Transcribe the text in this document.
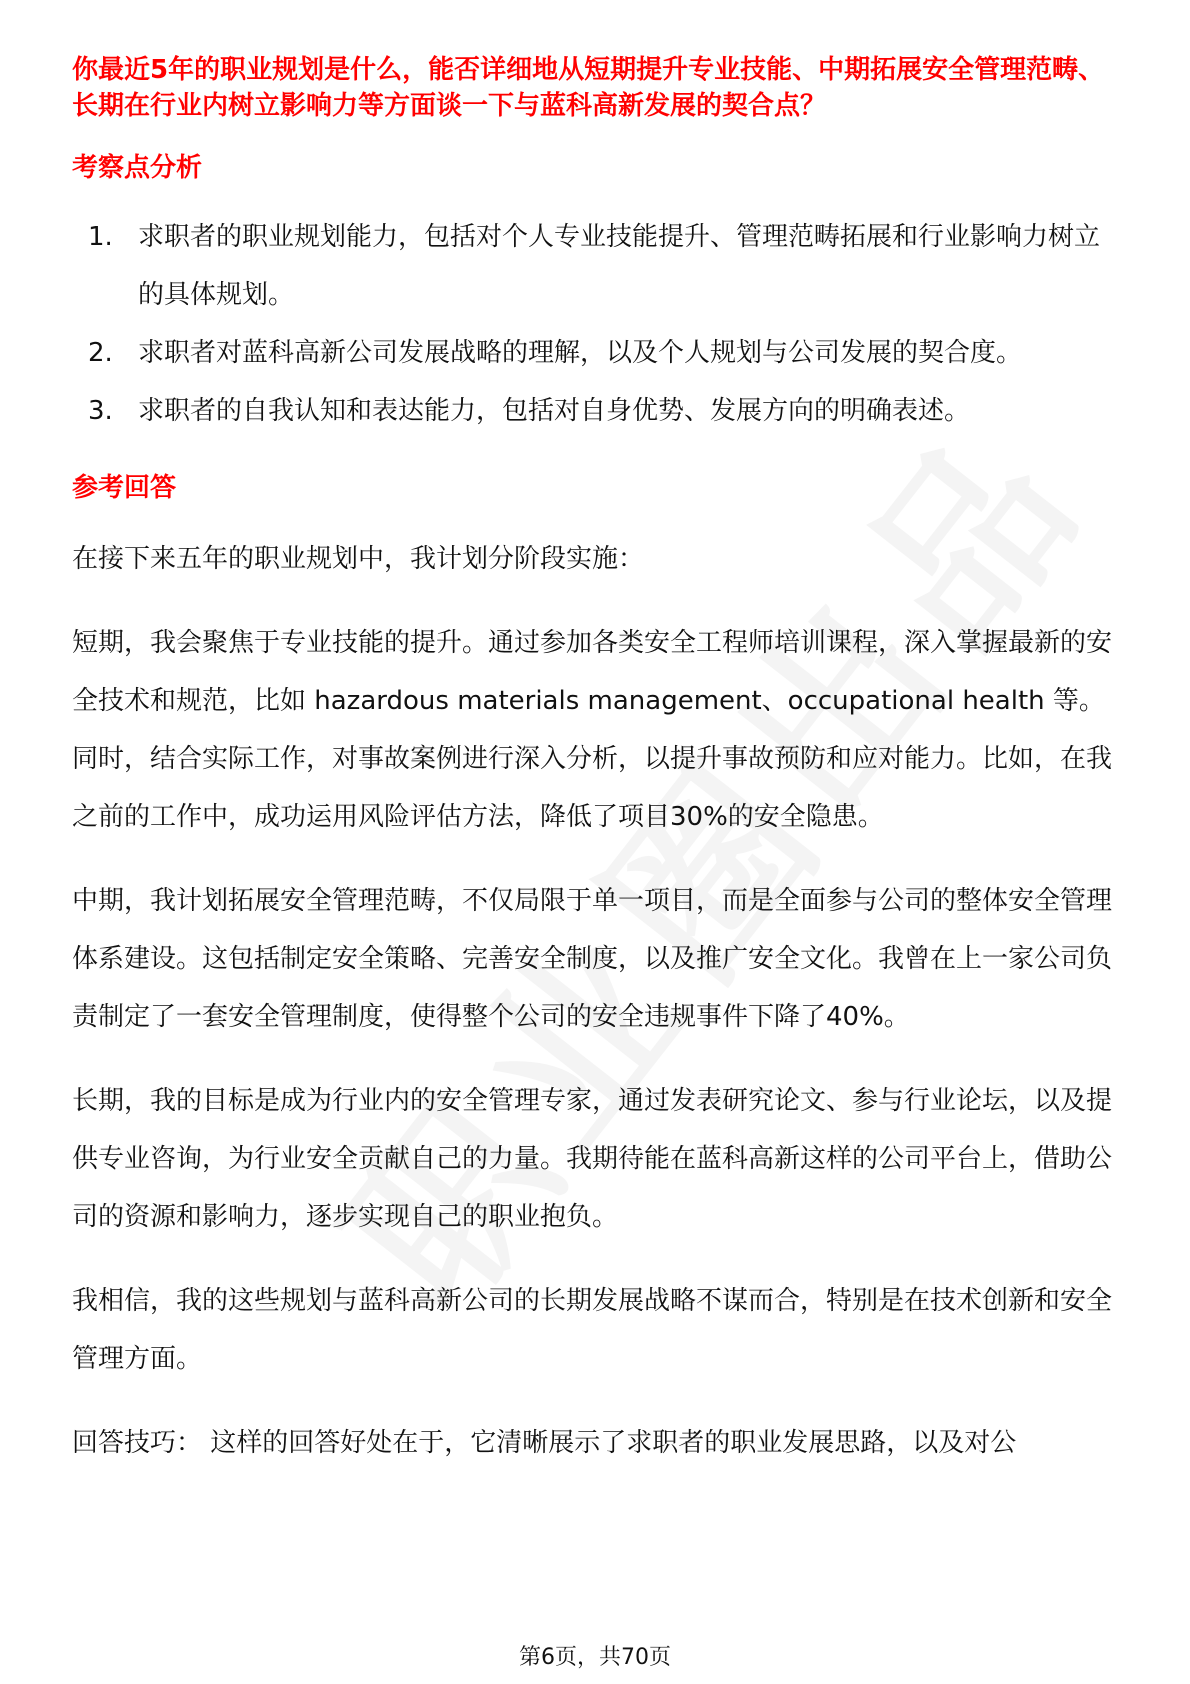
你最近5年的职业规划是什么，能否详细地从短期提升专业技能、中期拓展安全管理范畴、长期在行业内树立影响力等方面谈一下与蓝科高新发展的契合点？

考察点分析

1. 求职者的职业规划能力，包括对个人专业技能提升、管理范畴拓展和行业影响力树立的具体规划。
2. 求职者对蓝科高新公司发展战略的理解，以及个人规划与公司发展的契合度。
3. 求职者的自我认知和表达能力，包括对自身优势、发展方向的明确表述。

参考回答

在接下来五年的职业规划中，我计划分阶段实施：

短期，我会聚焦于专业技能的提升。通过参加各类安全工程师培训课程，深入掌握最新的安全技术和规范，比如 hazardous materials management、occupational health 等。同时，结合实际工作，对事故案例进行深入分析，以提升事故预防和应对能力。比如，在我之前的工作中，成功运用风险评估方法，降低了项目30%的安全隐患。

中期，我计划拓展安全管理范畴，不仅局限于单一项目，而是全面参与公司的整体安全管理体系建设。这包括制定安全策略、完善安全制度，以及推广安全文化。我曾在上一家公司负责制定了一套安全管理制度，使得整个公司的安全违规事件下降了40%。

长期，我的目标是成为行业内的安全管理专家，通过发表研究论文、参与行业论坛，以及提供专业咨询，为行业安全贡献自己的力量。我期待能在蓝科高新这样的公司平台上，借助公司的资源和影响力，逐步实现自己的职业抱负。

我相信，我的这些规划与蓝科高新公司的长期发展战略不谋而合，特别是在技术创新和安全管理方面。

回答技巧： 这样的回答好处在于，它清晰展示了求职者的职业发展思路，以及对公

第6页，共70页
